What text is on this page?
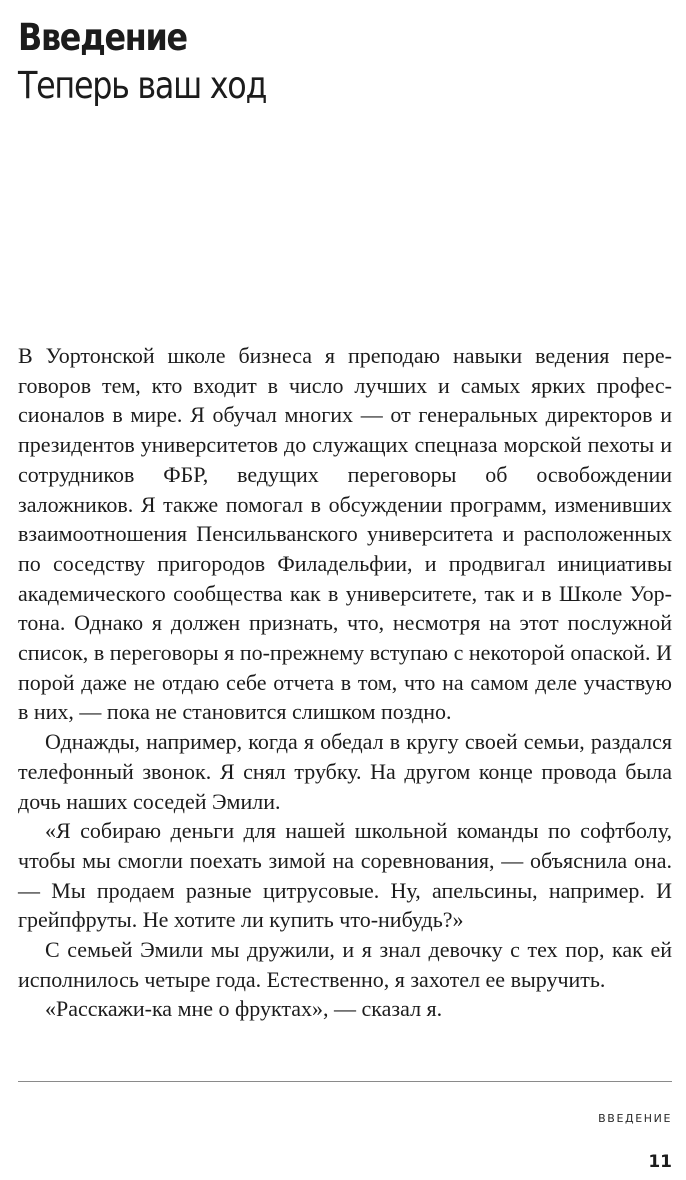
Введение
Теперь ваш ход

В Уортонской школе бизнеса я преподаю навыки ведения переговоров тем, кто входит в число лучших и самых ярких профессионалов в мире. Я обучал многих — от генеральных директоров и президентов университетов до служащих спецназа морской пехоты и сотрудников ФБР, ведущих переговоры об освобождении заложников. Я также помогал в обсуждении программ, изменивших взаимоотношения Пенсильванского университета и расположенных по соседству пригородов Филадельфии, и продвигал инициативы академического сообщества как в университете, так и в Школе Уортона. Однако я должен признать, что, несмотря на этот послужной список, в переговоры я по-прежнему вступаю с некоторой опаской. И порой даже не отдаю себе отчета в том, что на самом деле участвую в них, — пока не становится слишком поздно.

Однажды, например, когда я обедал в кругу своей семьи, раздался телефонный звонок. Я снял трубку. На другом конце провода была дочь наших соседей Эмили.

«Я собираю деньги для нашей школьной команды по софтболу, чтобы мы смогли поехать зимой на соревнования, — объяснила она. — Мы продаем разные цитрусовые. Ну, апельсины, например. И грейпфруты. Не хотите ли купить что-нибудь?»

С семьей Эмили мы дружили, и я знал девочку с тех пор, как ей исполнилось четыре года. Естественно, я захотел ее выручить.

«Расскажи-ка мне о фруктах», — сказал я.

ВВЕДЕНИЕ
11
